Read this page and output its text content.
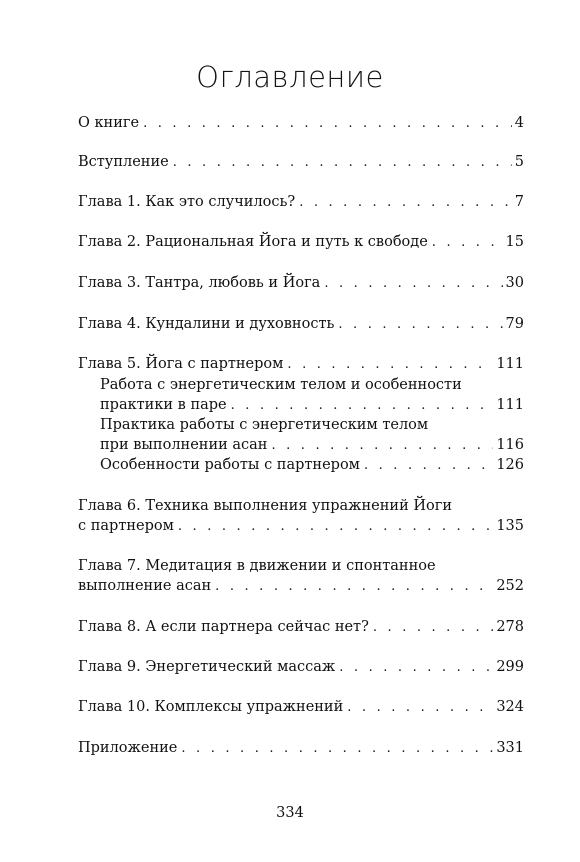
Оглавление
О книге . . .	4
Вступление . . .	5
Глава 1. Как это случилось? . . .	7
Глава 2. Рациональная Йога и путь к свободе . . .	15
Глава 3. Тантра, любовь и Йога . . .	30
Глава 4. Кундалини и духовность . . .	79
Глава 5. Йога с партнером . . .	111
Работа с энергетическим телом и особенности
практики в паре . . .	111
Практика работы с энергетическим телом
при выполнении асан . . .	116
Особенности работы с партнером . . .	126
Глава 6. Техника выполнения упражнений Йоги
с партнером . . .	135
Глава 7. Медитация в движении и спонтанное
выполнение асан . . .	252
Глава 8. А если партнера сейчас нет? . . .	278
Глава 9. Энергетический массаж . . .	299
Глава 10. Комплексы упражнений . . .	324
Приложение . . .	331
334
